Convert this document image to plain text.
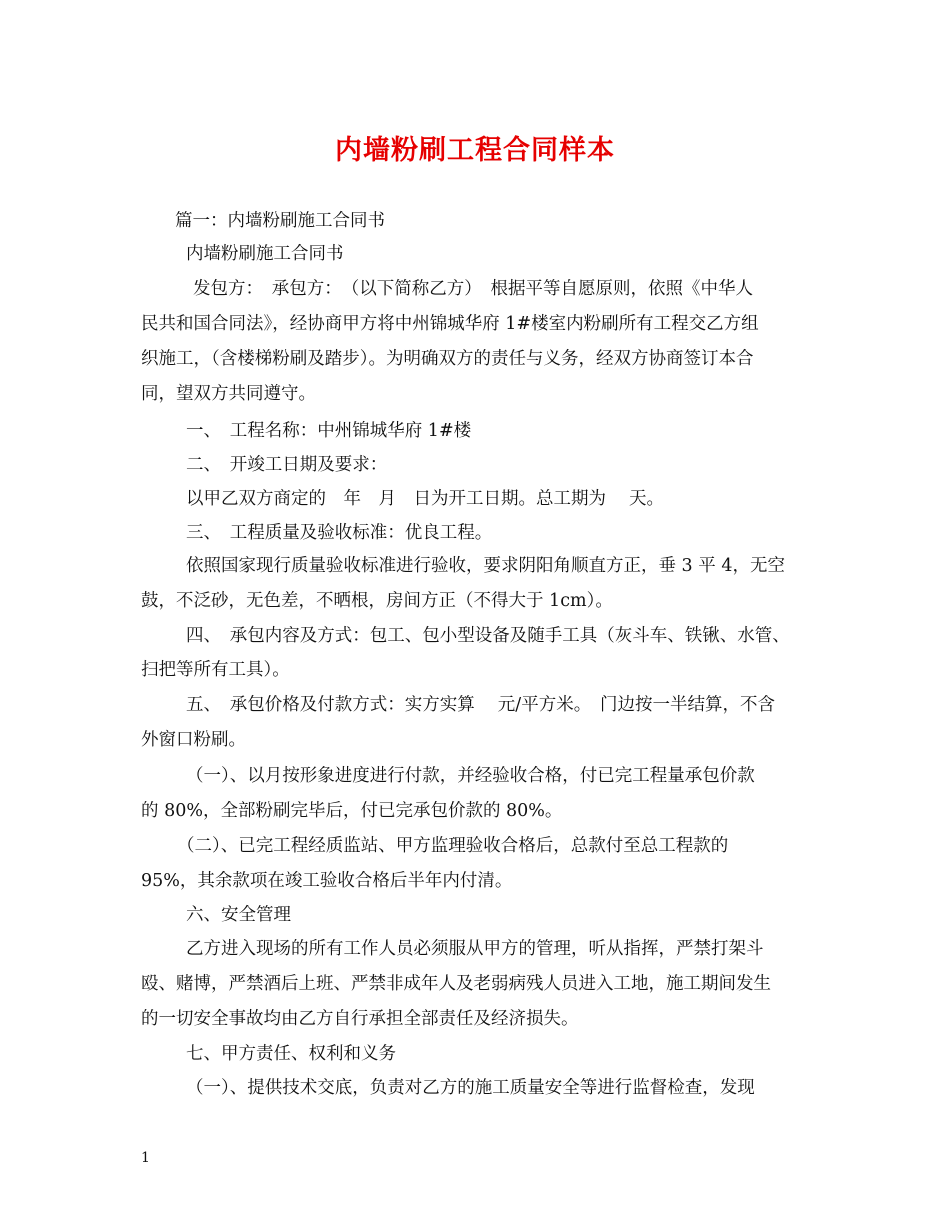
内墙粉刷工程合同样本
篇一：内墙粉刷施工合同书
内墙粉刷施工合同书
发包方：　承包方：　（以下简称乙方）　根据平等自愿原则，依照《中华人
民共和国合同法》，经协商甲方将中州锦城华府 1#楼室内粉刷所有工程交乙方组
织施工，（含楼梯粉刷及踏步）。为明确双方的责任与义务，经双方协商签订本合
同，望双方共同遵守。
一、　工程名称：中州锦城华府 1#楼
二、　开竣工日期及要求：
以甲乙双方商定的　年　月　日为开工日期。总工期为　 天。
三、　工程质量及验收标准：优良工程。
依照国家现行质量验收标准进行验收，要求阴阳角顺直方正，垂 3 平 4，无空
鼓，不泛砂，无色差，不晒根，房间方正（不得大于 1cm）。
四、　承包内容及方式：包工、包小型设备及随手工具（灰斗车、铁锹、水管、
扫把等所有工具）。
五、　承包价格及付款方式：实方实算　 元/平方米。　门边按一半结算，不含
外窗口粉刷。
（一）、以月按形象进度进行付款，并经验收合格，付已完工程量承包价款
的 80%，全部粉刷完毕后，付已完承包价款的 80%。
（二）、已完工程经质监站、甲方监理验收合格后，总款付至总工程款的
95%，其余款项在竣工验收合格后半年内付清。
六、安全管理
乙方进入现场的所有工作人员必须服从甲方的管理，听从指挥，严禁打架斗
殴、赌博，严禁酒后上班、严禁非成年人及老弱病残人员进入工地，施工期间发生
的一切安全事故均由乙方自行承担全部责任及经济损失。
七、甲方责任、权利和义务
（一）、提供技术交底，负责对乙方的施工质量安全等进行监督检查，发现
1
